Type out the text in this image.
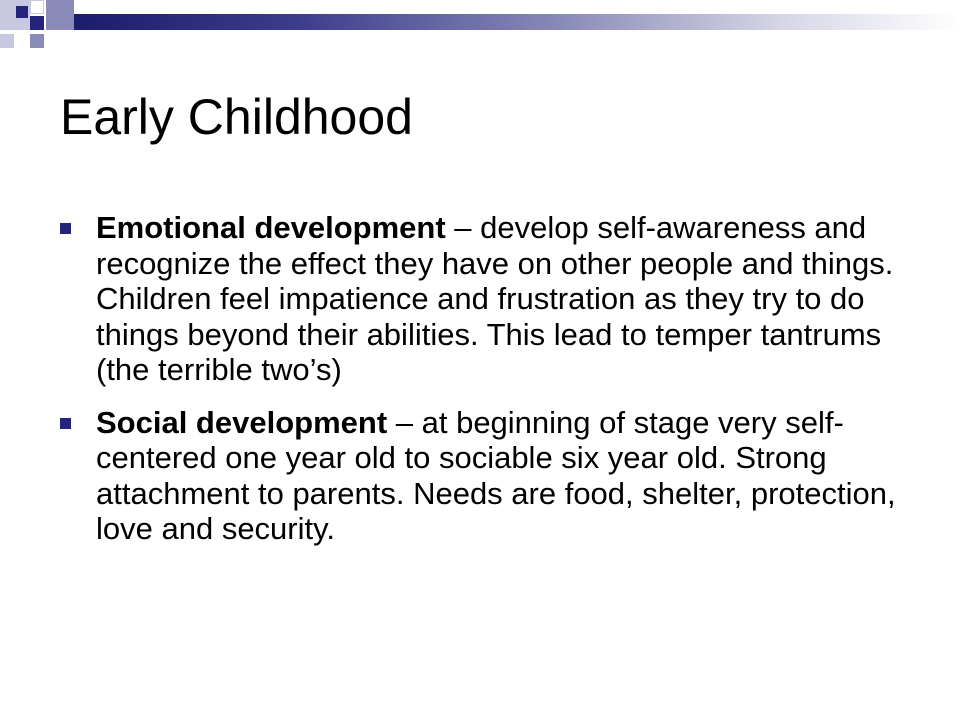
Early Childhood
Emotional development – develop self-awareness and recognize the effect they have on other people and things. Children feel impatience and frustration as they try to do things beyond their abilities. This lead to temper tantrums (the terrible two’s)
Social development – at beginning of stage very self-centered one year old to sociable six year old. Strong attachment to parents. Needs are food, shelter, protection, love and security.
